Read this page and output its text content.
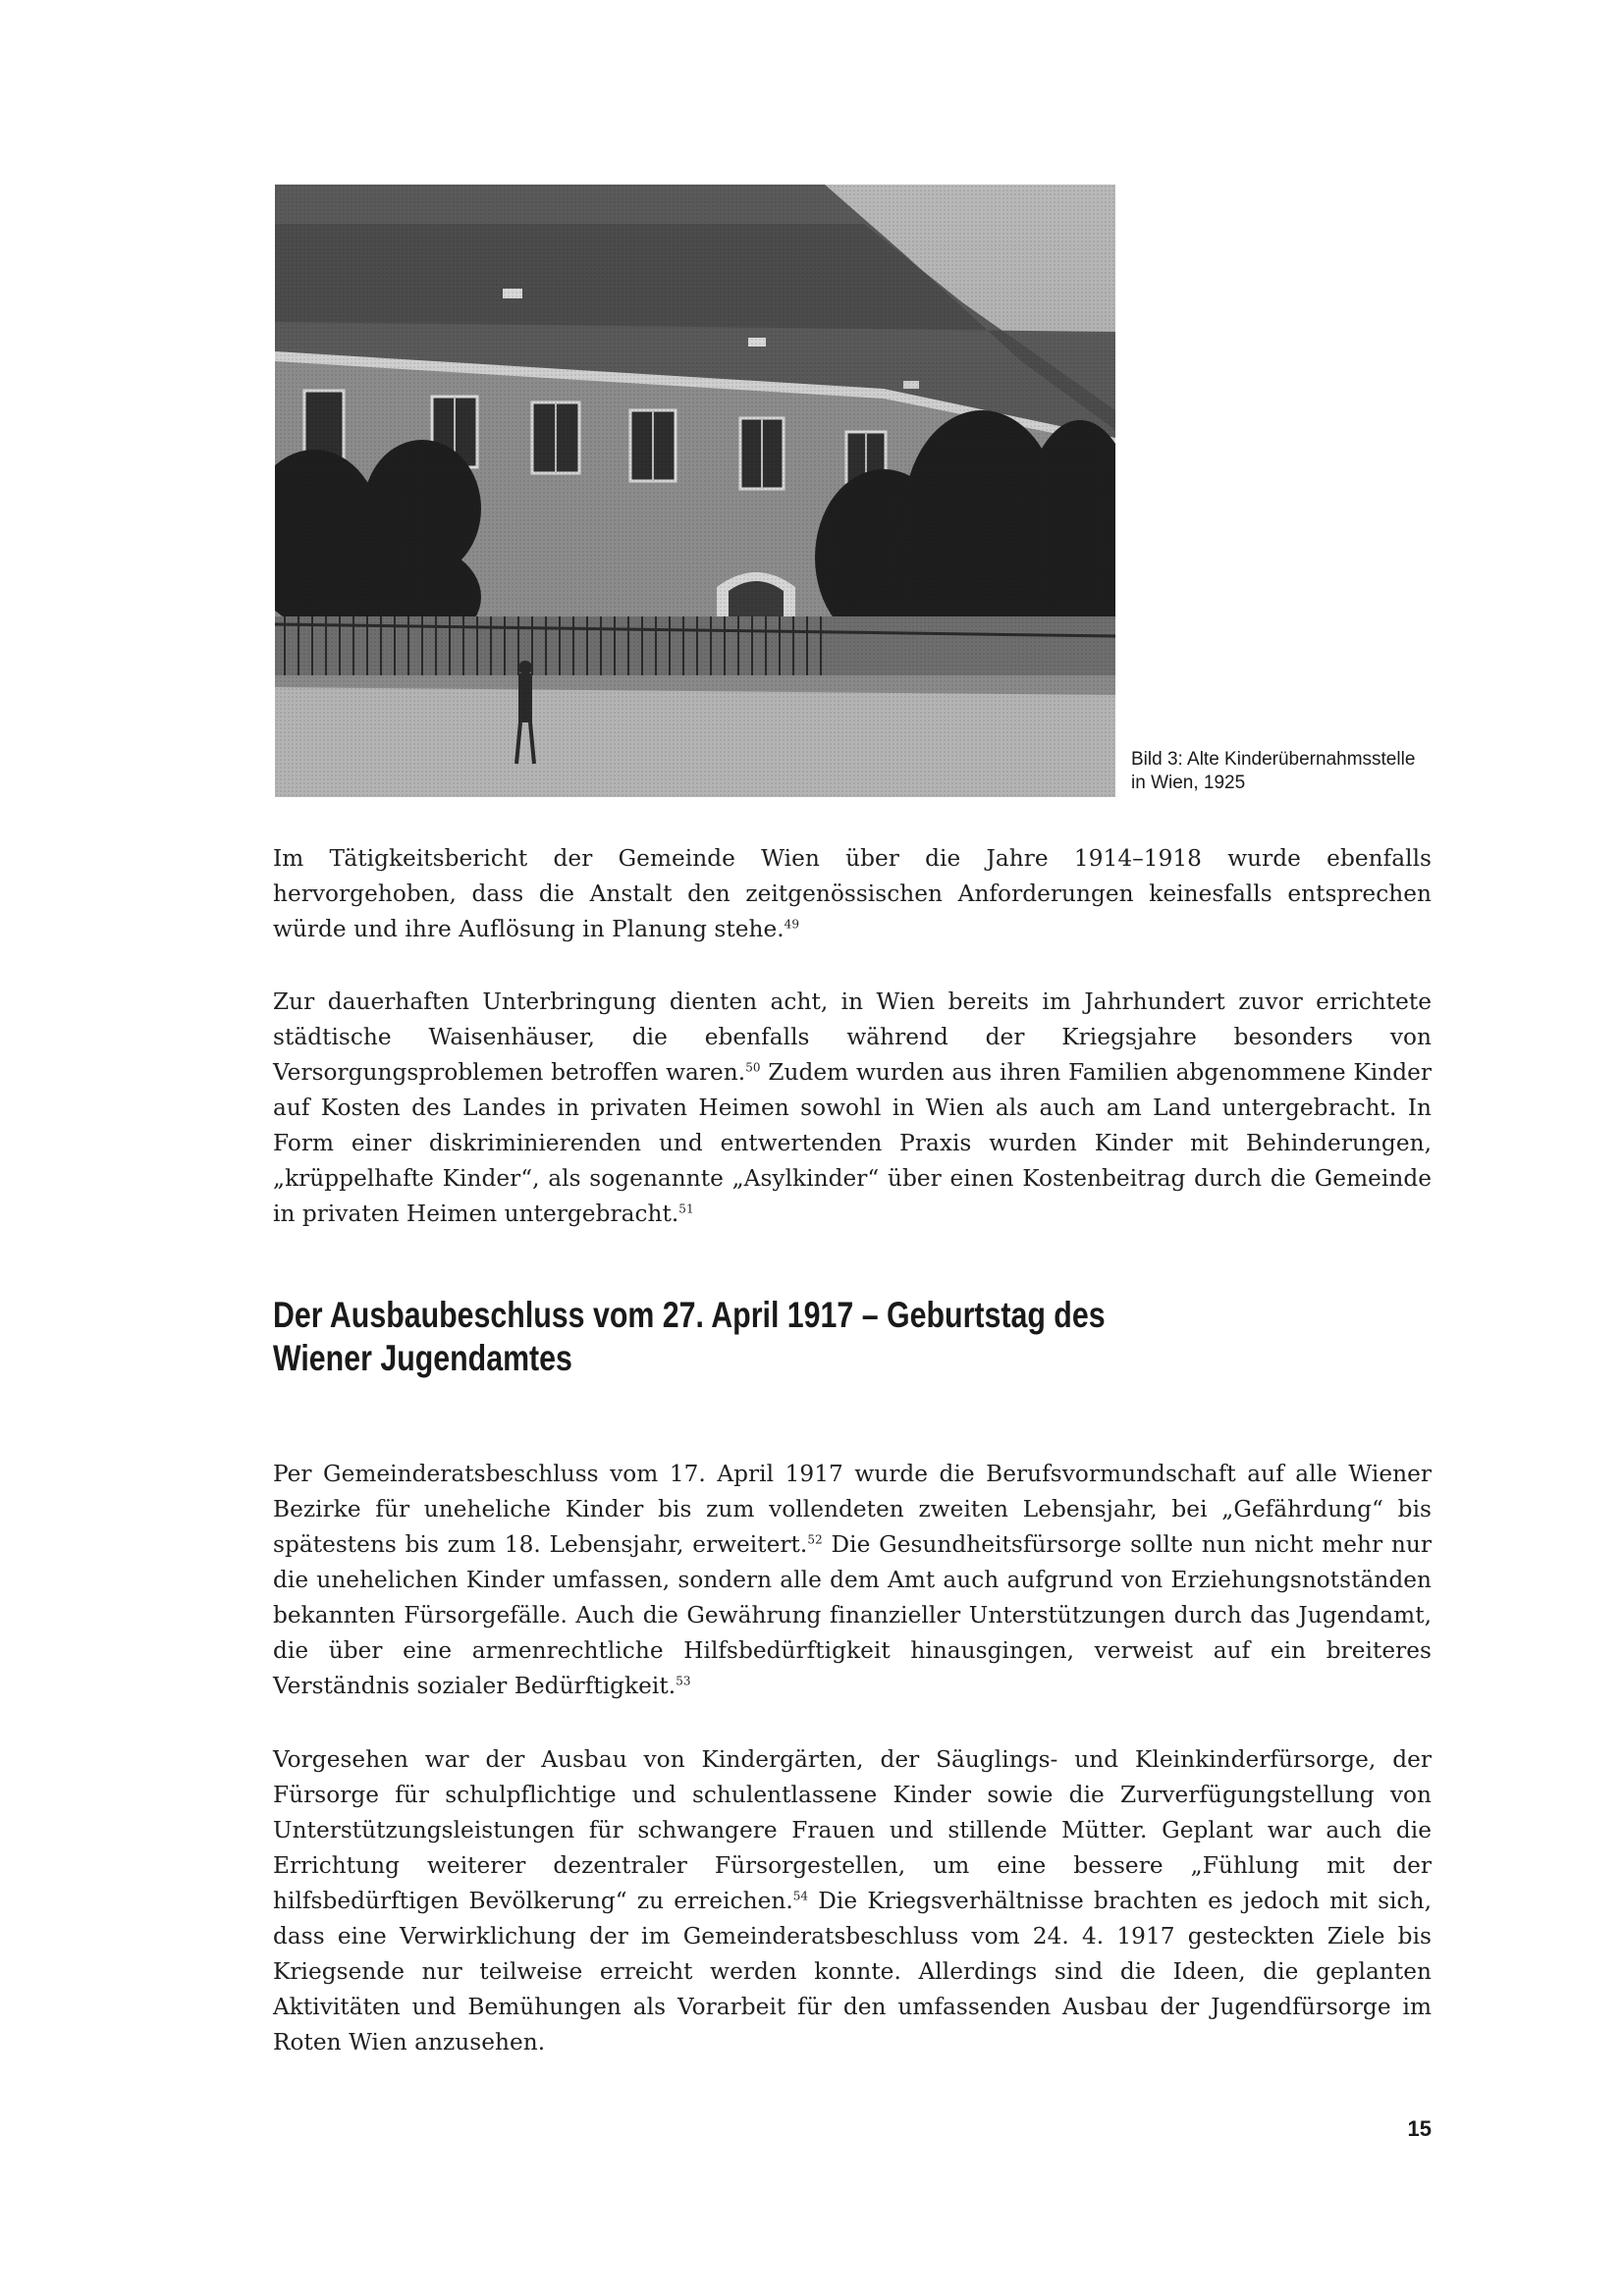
Bild 3: Alte Kinderübernahmsstelle
in Wien, 1925

Im Tätigkeitsbericht der Gemeinde Wien über die Jahre 1914–1918 wurde ebenfalls hervorgehoben, dass die Anstalt den zeitgenössischen Anforderungen keinesfalls entsprechen würde und ihre Auflösung in Planung stehe.$^{49}$

Zur dauerhaften Unterbringung dienten acht, in Wien bereits im Jahrhundert zuvor errichtete städtische Waisenhäuser, die ebenfalls während der Kriegsjahre besonders von Versorgungsproblemen betroffen waren.$^{50}$ Zudem wurden aus ihren Familien abgenommene Kinder auf Kosten des Landes in privaten Heimen sowohl in Wien als auch am Land untergebracht. In Form einer diskriminierenden und entwertenden Praxis wurden Kinder mit Behinderungen, „krüppelhafte Kinder“, als sogenannte „Asylkinder“ über einen Kostenbeitrag durch die Gemeinde in privaten Heimen untergebracht.$^{51}$

Der Ausbaubeschluss vom 27. April 1917 – Geburtstag des
Wiener Jugendamtes

Per Gemeinderatsbeschluss vom 17. April 1917 wurde die Berufsvormundschaft auf alle Wiener Bezirke für uneheliche Kinder bis zum vollendeten zweiten Lebensjahr, bei „Gefährdung“ bis spätestens bis zum 18. Lebensjahr, erweitert.$^{52}$ Die Gesundheitsfürsorge sollte nun nicht mehr nur die unehelichen Kinder umfassen, sondern alle dem Amt auch aufgrund von Erziehungsnotständen bekannten Fürsorgefälle. Auch die Gewährung finanzieller Unterstützungen durch das Jugendamt, die über eine armenrechtliche Hilfsbedürftigkeit hinausgingen, verweist auf ein breiteres Verständnis sozialer Bedürftigkeit.$^{53}$

Vorgesehen war der Ausbau von Kindergärten, der Säuglings- und Kleinkinderfürsorge, der Fürsorge für schulpflichtige und schulentlassene Kinder sowie die Zurverfügungstellung von Unterstützungsleistungen für schwangere Frauen und stillende Mütter. Geplant war auch die Errichtung weiterer dezentraler Fürsorgestellen, um eine bessere „Fühlung mit der hilfsbedürftigen Bevölkerung“ zu erreichen.$^{54}$ Die Kriegsverhältnisse brachten es jedoch mit sich, dass eine Verwirklichung der im Gemeinderatsbeschluss vom 24. 4. 1917 gesteckten Ziele bis Kriegsende nur teilweise erreicht werden konnte. Allerdings sind die Ideen, die geplanten Aktivitäten und Bemühungen als Vorarbeit für den umfassenden Ausbau der Jugendfürsorge im Roten Wien anzusehen.

15
